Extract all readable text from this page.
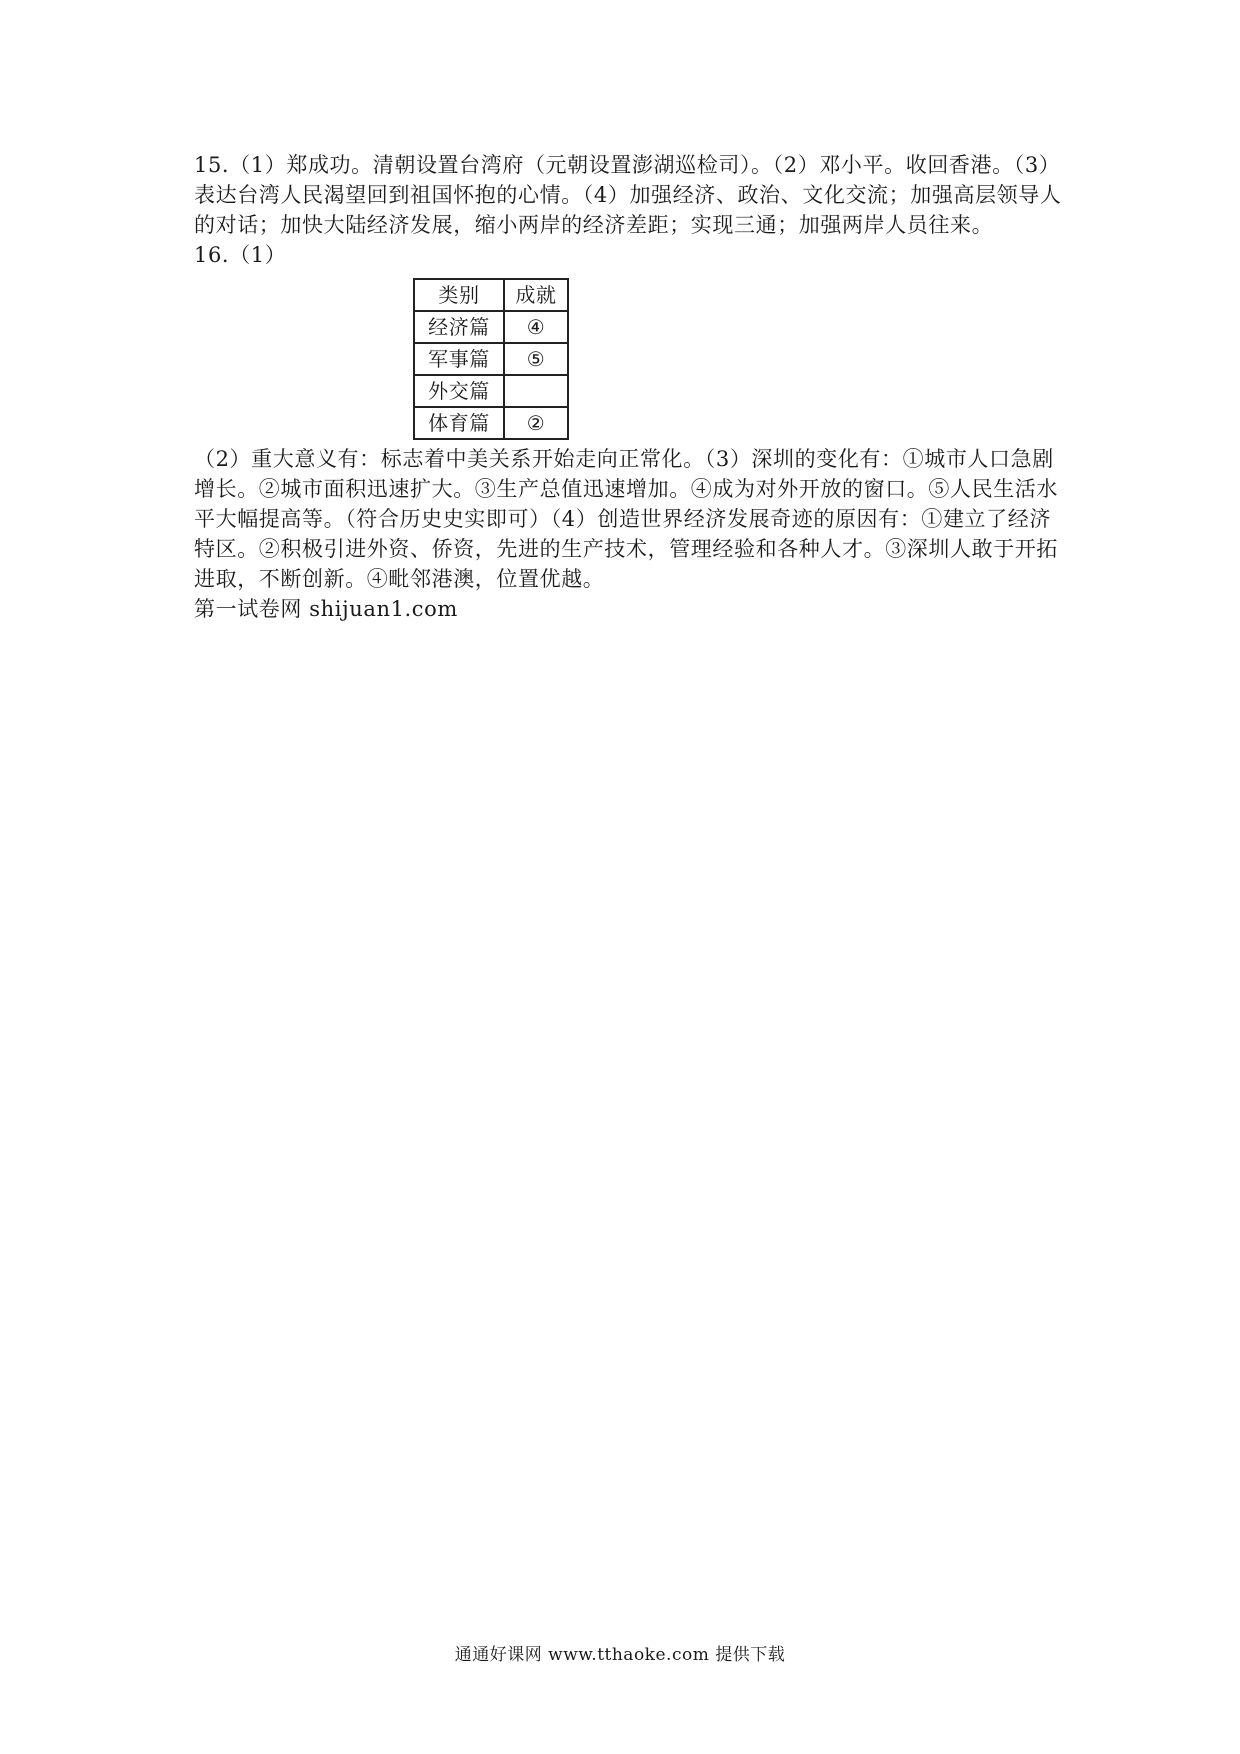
15.（1）郑成功。清朝设置台湾府（元朝设置澎湖巡检司）。（2）邓小平。收回香港。（3）表达台湾人民渴望回到祖国怀抱的心情。（4）加强经济、政治、文化交流；加强高层领导人的对话；加快大陆经济发展，缩小两岸的经济差距；实现三通；加强两岸人员往来。

16.（1）

类别	成就
经济篇	④
军事篇	⑤
外交篇	
体育篇	②

（2）重大意义有：标志着中美关系开始走向正常化。（3）深圳的变化有：①城市人口急剧增长。②城市面积迅速扩大。③生产总值迅速增加。④成为对外开放的窗口。⑤人民生活水平大幅提高等。（符合历史史实即可）（4）创造世界经济发展奇迹的原因有：①建立了经济特区。②积极引进外资、侨资，先进的生产技术，管理经验和各种人才。③深圳人敢于开拓进取，不断创新。④毗邻港澳，位置优越。

第一试卷网 shijuan1.com

通通好课网 www.tthaoke.com 提供下载
